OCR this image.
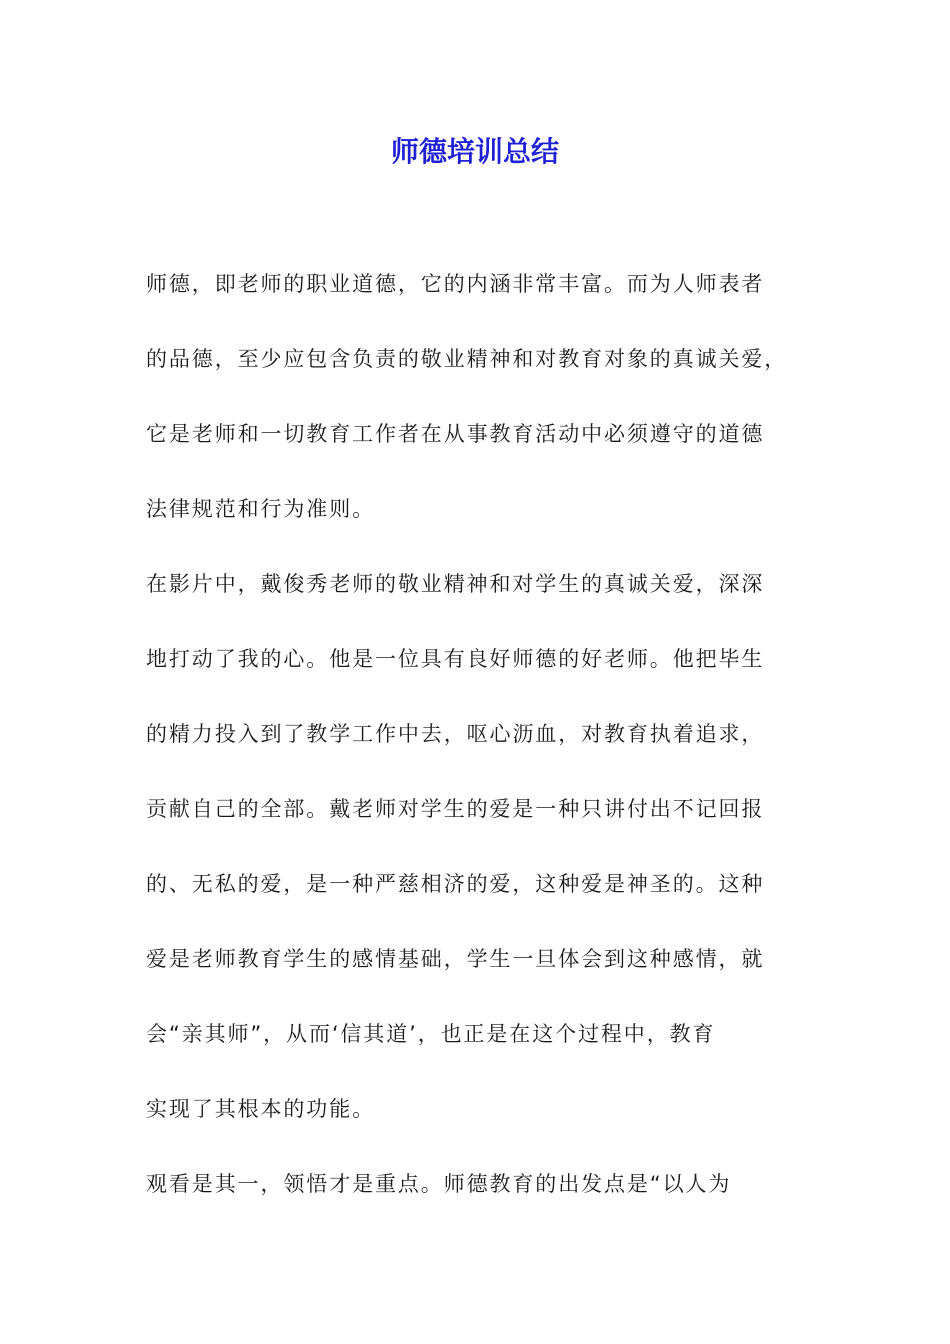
师德培训总结
师德，即老师的职业道德，它的内涵非常丰富。而为人师表者
的品德，至少应包含负责的敬业精神和对教育对象的真诚关爱，
它是老师和一切教育工作者在从事教育活动中必须遵守的道德
法律规范和行为准则。
在影片中，戴俊秀老师的敬业精神和对学生的真诚关爱，深深
地打动了我的心。他是一位具有良好师德的好老师。他把毕生
的精力投入到了教学工作中去，呕心沥血，对教育执着追求，
贡献自己的全部。戴老师对学生的爱是一种只讲付出不记回报
的、无私的爱，是一种严慈相济的爱，这种爱是神圣的。这种
爱是老师教育学生的感情基础，学生一旦体会到这种感情，就
会“亲其师”，从而‘信其道’，也正是在这个过程中，教育
实现了其根本的功能。
观看是其一，领悟才是重点。师德教育的出发点是“以人为
